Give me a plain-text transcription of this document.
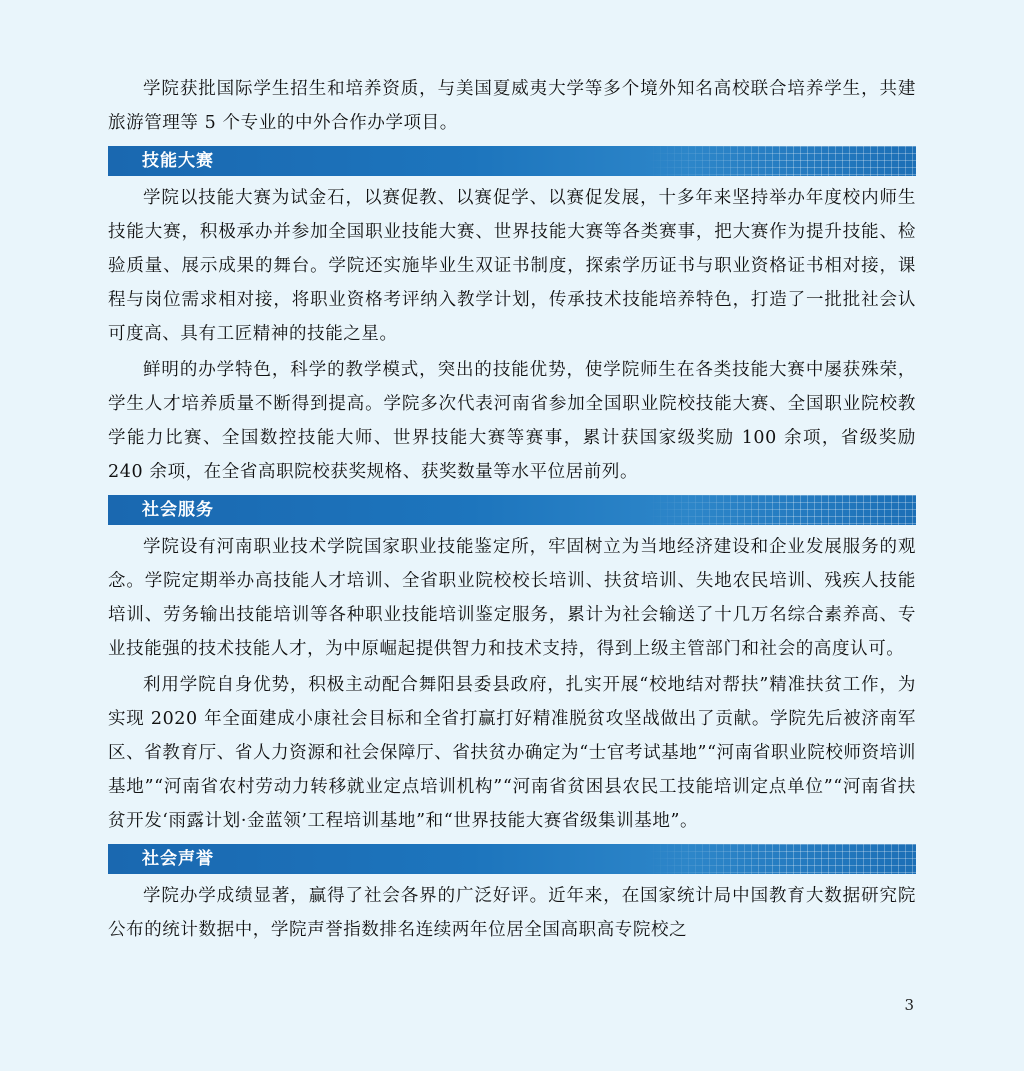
学院获批国际学生招生和培养资质，与美国夏威夷大学等多个境外知名高校联合培养学生，共建旅游管理等 5 个专业的中外合作办学项目。

技能大赛

学院以技能大赛为试金石，以赛促教、以赛促学、以赛促发展，十多年来坚持举办年度校内师生技能大赛，积极承办并参加全国职业技能大赛、世界技能大赛等各类赛事，把大赛作为提升技能、检验质量、展示成果的舞台。学院还实施毕业生双证书制度，探索学历证书与职业资格证书相对接，课程与岗位需求相对接，将职业资格考评纳入教学计划，传承技术技能培养特色，打造了一批批社会认可度高、具有工匠精神的技能之星。

鲜明的办学特色，科学的教学模式，突出的技能优势，使学院师生在各类技能大赛中屡获殊荣，学生人才培养质量不断得到提高。学院多次代表河南省参加全国职业院校技能大赛、全国职业院校教学能力比赛、全国数控技能大师、世界技能大赛等赛事，累计获国家级奖励 100 余项，省级奖励 240 余项，在全省高职院校获奖规格、获奖数量等水平位居前列。

社会服务

学院设有河南职业技术学院国家职业技能鉴定所，牢固树立为当地经济建设和企业发展服务的观念。学院定期举办高技能人才培训、全省职业院校校长培训、扶贫培训、失地农民培训、残疾人技能培训、劳务输出技能培训等各种职业技能培训鉴定服务，累计为社会输送了十几万名综合素养高、专业技能强的技术技能人才，为中原崛起提供智力和技术支持，得到上级主管部门和社会的高度认可。

利用学院自身优势，积极主动配合舞阳县委县政府，扎实开展“校地结对帮扶”精准扶贫工作，为实现 2020 年全面建成小康社会目标和全省打赢打好精准脱贫攻坚战做出了贡献。学院先后被济南军区、省教育厅、省人力资源和社会保障厅、省扶贫办确定为“士官考试基地”“河南省职业院校师资培训基地”“河南省农村劳动力转移就业定点培训机构”“河南省贫困县农民工技能培训定点单位”“河南省扶贫开发‘雨露计划·金蓝领’工程培训基地”和“世界技能大赛省级集训基地”。

社会声誉

学院办学成绩显著，赢得了社会各界的广泛好评。近年来，在国家统计局中国教育大数据研究院公布的统计数据中，学院声誉指数排名连续两年位居全国高职高专院校之

3
